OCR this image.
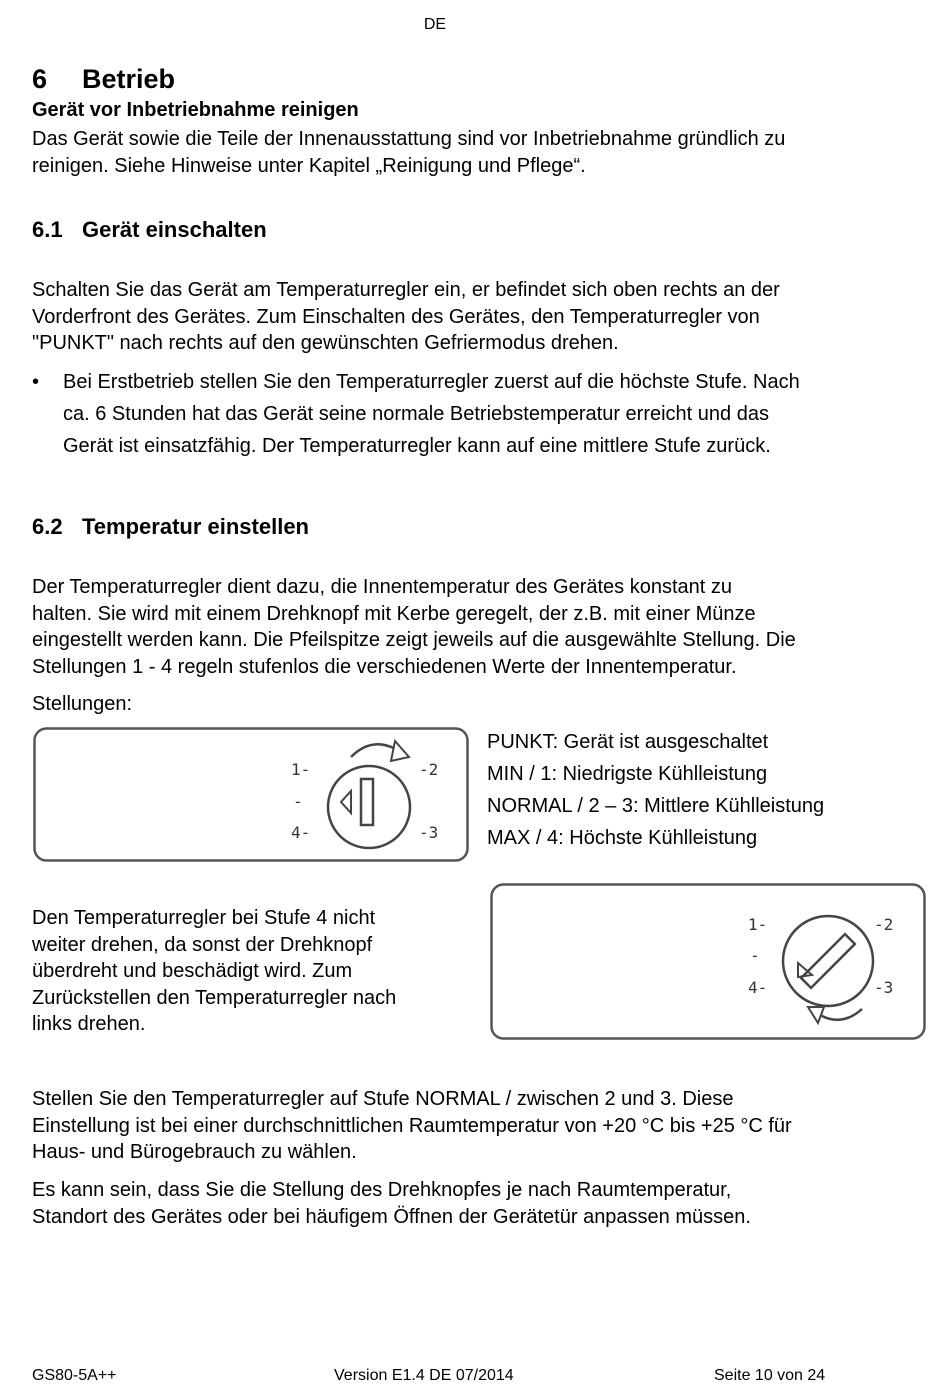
DE
6 Betrieb
Gerät vor Inbetriebnahme reinigen
Das Gerät sowie die Teile der Innenausstattung sind vor Inbetriebnahme gründlich zu
reinigen. Siehe Hinweise unter Kapitel „Reinigung und Pflege“.
6.1 Gerät einschalten
Schalten Sie das Gerät am Temperaturregler ein, er befindet sich oben rechts an der
Vorderfront des Gerätes. Zum Einschalten des Gerätes, den Temperaturregler von
"PUNKT" nach rechts auf den gewünschten Gefriermodus drehen.
•	Bei Erstbetrieb stellen Sie den Temperaturregler zuerst auf die höchste Stufe. Nach
ca. 6 Stunden hat das Gerät seine normale Betriebstemperatur erreicht und das
Gerät ist einsatzfähig. Der Temperaturregler kann auf eine mittlere Stufe zurück.
6.2 Temperatur einstellen
Der Temperaturregler dient dazu, die Innentemperatur des Gerätes konstant zu
halten. Sie wird mit einem Drehknopf mit Kerbe geregelt, der z.B. mit einer Münze
eingestellt werden kann. Die Pfeilspitze zeigt jeweils auf die ausgewählte Stellung. Die
Stellungen 1 - 4 regeln stufenlos die verschiedenen Werte der Innentemperatur.
Stellungen:
1-
-
4-
-2
-3
PUNKT: Gerät ist ausgeschaltet
MIN / 1: Niedrigste Kühlleistung
NORMAL / 2 – 3: Mittlere Kühlleistung
MAX / 4: Höchste Kühlleistung
Den Temperaturregler bei Stufe 4 nicht
weiter drehen, da sonst der Drehknopf
überdreht und beschädigt wird. Zum
Zurückstellen den Temperaturregler nach
links drehen.
1-
-
4-
-2
-3
Stellen Sie den Temperaturregler auf Stufe NORMAL / zwischen 2 und 3. Diese
Einstellung ist bei einer durchschnittlichen Raumtemperatur von +20 °C bis +25 °C für
Haus- und Bürogebrauch zu wählen.
Es kann sein, dass Sie die Stellung des Drehknopfes je nach Raumtemperatur,
Standort des Gerätes oder bei häufigem Öffnen der Gerätetür anpassen müssen.
GS80-5A++	Version E1.4 DE 07/2014	Seite 10 von 24
